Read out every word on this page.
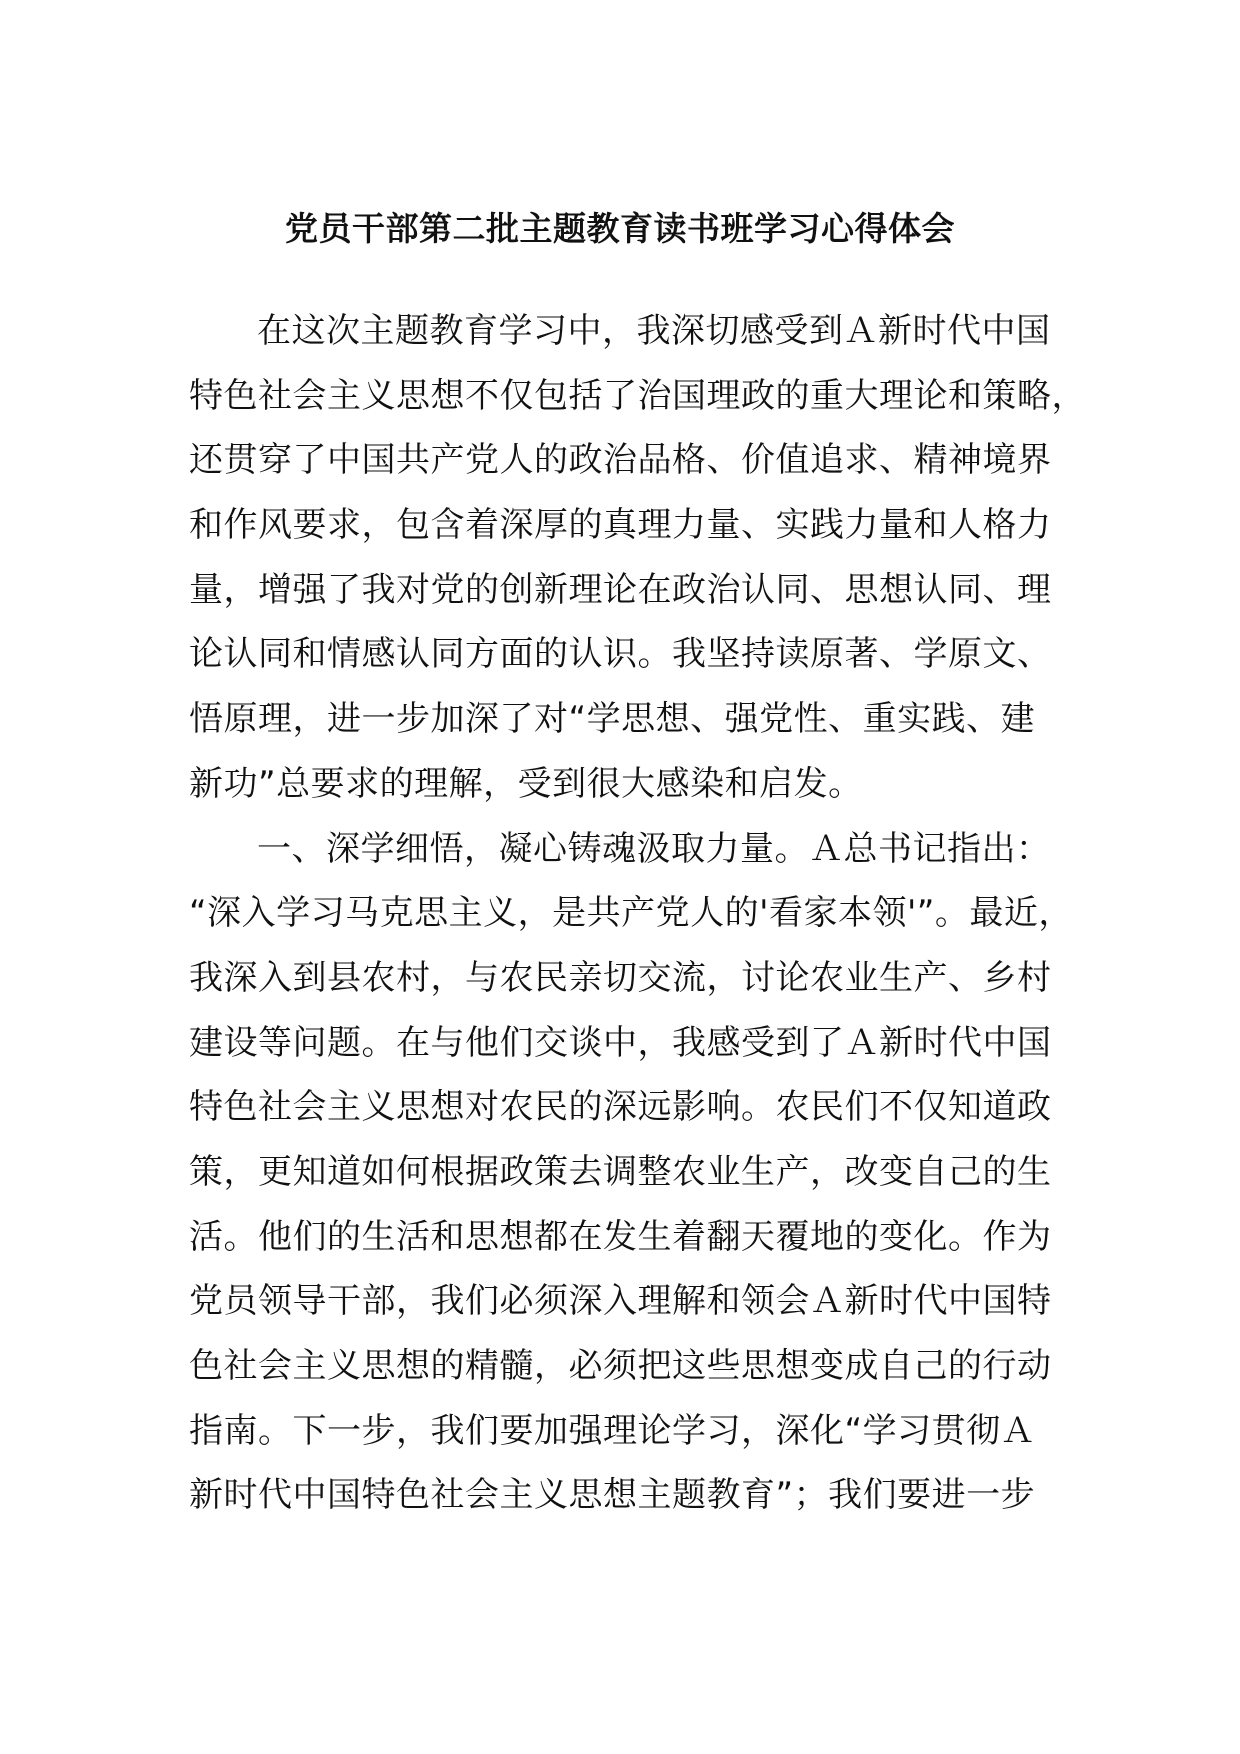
党员干部第二批主题教育读书班学习心得体会
在这次主题教育学习中，我深切感受到Ａ新时代中国
特色社会主义思想不仅包括了治国理政的重大理论和策略，
还贯穿了中国共产党人的政治品格、价值追求、精神境界
和作风要求，包含着深厚的真理力量、实践力量和人格力
量，增强了我对党的创新理论在政治认同、思想认同、理
论认同和情感认同方面的认识。我坚持读原著、学原文、
悟原理，进一步加深了对“学思想、强党性、重实践、建
新功”总要求的理解，受到很大感染和启发。
一、深学细悟，凝心铸魂汲取力量。Ａ总书记指出：
“深入学习马克思主义，是共产党人的'看家本领'”。最近，
我深入到县农村，与农民亲切交流，讨论农业生产、乡村
建设等问题。在与他们交谈中，我感受到了Ａ新时代中国
特色社会主义思想对农民的深远影响。农民们不仅知道政
策，更知道如何根据政策去调整农业生产，改变自己的生
活。他们的生活和思想都在发生着翻天覆地的变化。作为
党员领导干部，我们必须深入理解和领会Ａ新时代中国特
色社会主义思想的精髓，必须把这些思想变成自己的行动
指南。下一步，我们要加强理论学习，深化“学习贯彻Ａ
新时代中国特色社会主义思想主题教育”；我们要进一步
